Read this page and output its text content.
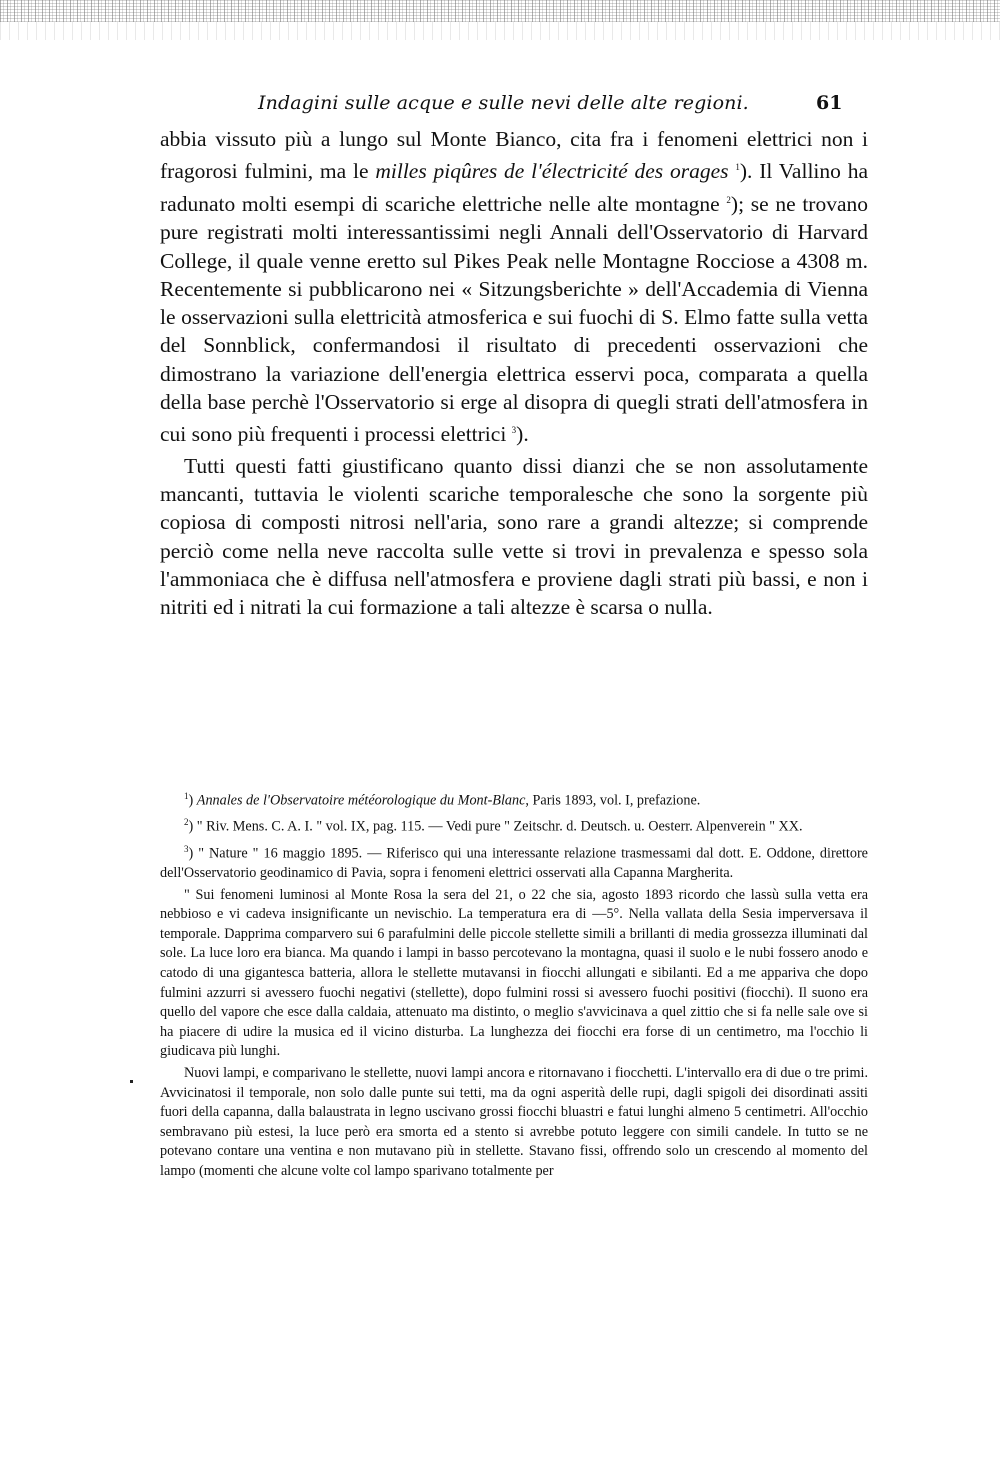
Indagini sulle acque e sulle nevi delle alte regioni.	61

abbia vissuto più a lungo sul Monte Bianco, cita fra i fenomeni elettrici non i fragorosi fulmini, ma le milles piqûres de l'électricité des orages $^1$). Il Vallino ha radunato molti esempi di scariche elettriche nelle alte montagne $^2$); se ne trovano pure registrati molti interessantissimi negli Annali dell'Osservatorio di Harvard College, il quale venne eretto sul Pikes Peak nelle Montagne Rocciose a 4308 m. Recentemente si pubblicarono nei « Sitzungsberichte » dell'Accademia di Vienna le osservazioni sulla elettricità atmosferica e sui fuochi di S. Elmo fatte sulla vetta del Sonnblick, confermandosi il risultato di precedenti osservazioni che dimostrano la variazione dell'energia elettrica esservi poca, comparata a quella della base perchè l'Osservatorio si erge al disopra di quegli strati dell'atmosfera in cui sono più frequenti i processi elettrici $^3$).

Tutti questi fatti giustificano quanto dissi dianzi che se non assolutamente mancanti, tuttavia le violenti scariche temporalesche che sono la sorgente più copiosa di composti nitrosi nell'aria, sono rare a grandi altezze; si comprende perciò come nella neve raccolta sulle vette si trovi in prevalenza e spesso sola l'ammoniaca che è diffusa nell'atmosfera e proviene dagli strati più bassi, e non i nitriti ed i nitrati la cui formazione a tali altezze è scarsa o nulla.

$^1$) Annales de l'Observatoire météorologique du Mont-Blanc, Paris 1893, vol. I, prefazione.

$^2$) " Riv. Mens. C. A. I. " vol. IX, pag. 115. — Vedi pure " Zeitschr. d. Deutsch. u. Oesterr. Alpenverein " XX.

$^3$) " Nature " 16 maggio 1895. — Riferisco qui una interessante relazione trasmessami dal dott. E. Oddone, direttore dell'Osservatorio geodinamico di Pavia, sopra i fenomeni elettrici osservati alla Capanna Margherita.

" Sui fenomeni luminosi al Monte Rosa la sera del 21, o 22 che sia, agosto 1893 ricordo che lassù sulla vetta era nebbioso e vi cadeva insignificante un nevischio. La temperatura era di —5°. Nella vallata della Sesia imperversava il temporale. Dapprima comparvero sui 6 parafulmini delle piccole stellette simili a brillanti di media grossezza illuminati dal sole. La luce loro era bianca. Ma quando i lampi in basso percotevano la montagna, quasi il suolo e le nubi fossero anodo e catodo di una gigantesca batteria, allora le stellette mutavansi in fiocchi allungati e sibilanti. Ed a me appariva che dopo fulmini azzurri si avessero fuochi negativi (stellette), dopo fulmini rossi si avessero fuochi positivi (fiocchi). Il suono era quello del vapore che esce dalla caldaia, attenuato ma distinto, o meglio s'avvicinava a quel zittio che si fa nelle sale ove si ha piacere di udire la musica ed il vicino disturba. La lunghezza dei fiocchi era forse di un centimetro, ma l'occhio li giudicava più lunghi.

Nuovi lampi, e comparivano le stellette, nuovi lampi ancora e ritornavano i fiocchetti. L'intervallo era di due o tre primi. Avvicinatosi il temporale, non solo dalle punte sui tetti, ma da ogni asperità delle rupi, dagli spigoli dei disordinati assiti fuori della capanna, dalla balaustrata in legno uscivano grossi fiocchi bluastri e fatui lunghi almeno 5 centimetri. All'occhio sembravano più estesi, la luce però era smorta ed a stento si avrebbe potuto leggere con simili candele. In tutto se ne potevano contare una ventina e non mutavano più in stellette. Stavano fissi, offrendo solo un crescendo al momento del lampo (momenti che alcune volte col lampo sparivano totalmente per
